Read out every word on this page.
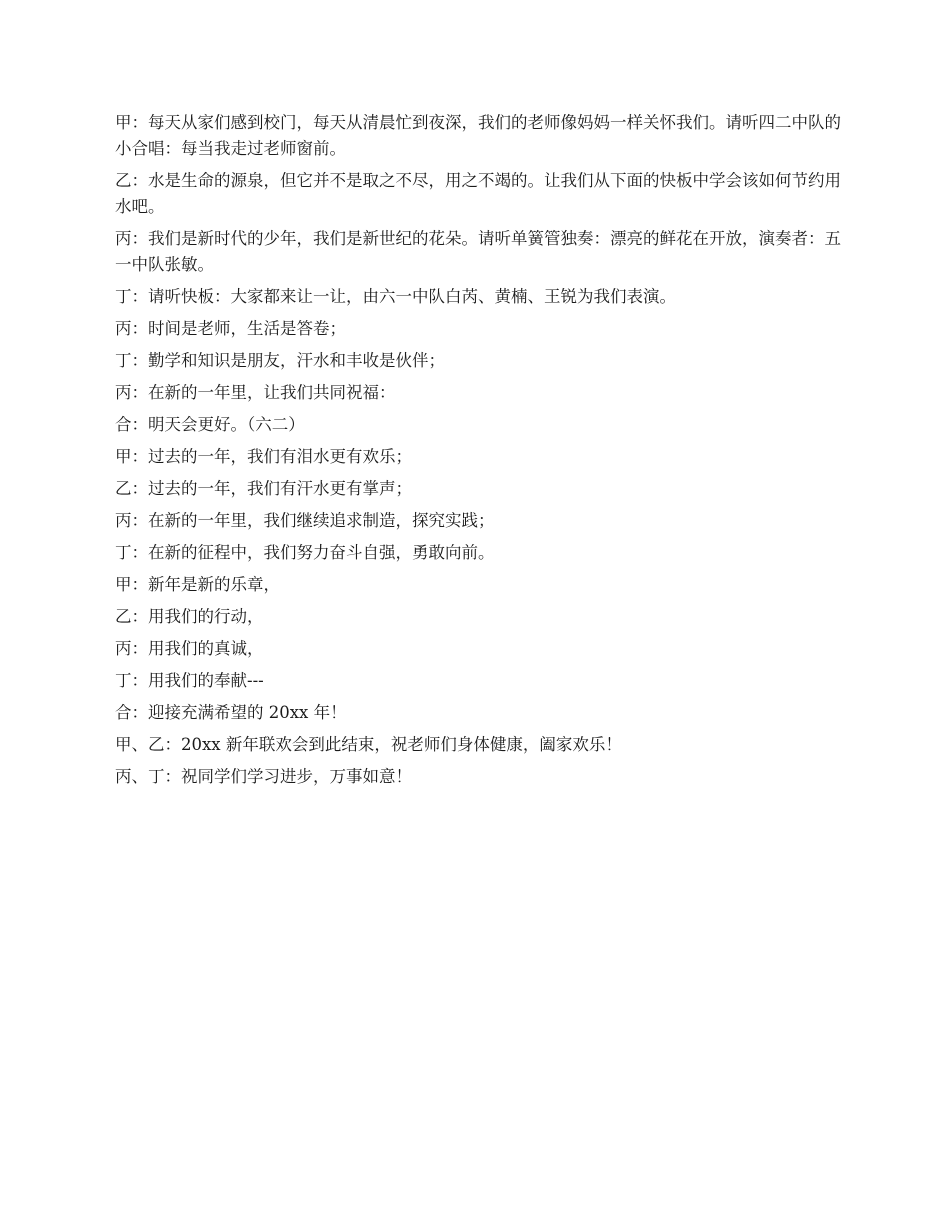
甲：每天从家们感到校门，每天从清晨忙到夜深，我们的老师像妈妈一样关怀我们。请听四二中队的小合唱：每当我走过老师窗前。

乙：水是生命的源泉，但它并不是取之不尽，用之不竭的。让我们从下面的快板中学会该如何节约用水吧。

丙：我们是新时代的少年，我们是新世纪的花朵。请听单簧管独奏：漂亮的鲜花在开放，演奏者：五一中队张敏。

丁：请听快板：大家都来让一让，由六一中队白芮、黄楠、王锐为我们表演。

丙：时间是老师，生活是答卷；

丁：勤学和知识是朋友，汗水和丰收是伙伴；

丙：在新的一年里，让我们共同祝福：

合：明天会更好。（六二）

甲：过去的一年，我们有泪水更有欢乐；

乙：过去的一年，我们有汗水更有掌声；

丙：在新的一年里，我们继续追求制造，探究实践；

丁：在新的征程中，我们努力奋斗自强，勇敢向前。

甲：新年是新的乐章，

乙：用我们的行动，

丙：用我们的真诚，

丁：用我们的奉献---

合：迎接充满希望的 20xx 年！

甲、乙：20xx 新年联欢会到此结束，祝老师们身体健康，阖家欢乐！

丙、丁：祝同学们学习进步，万事如意！
